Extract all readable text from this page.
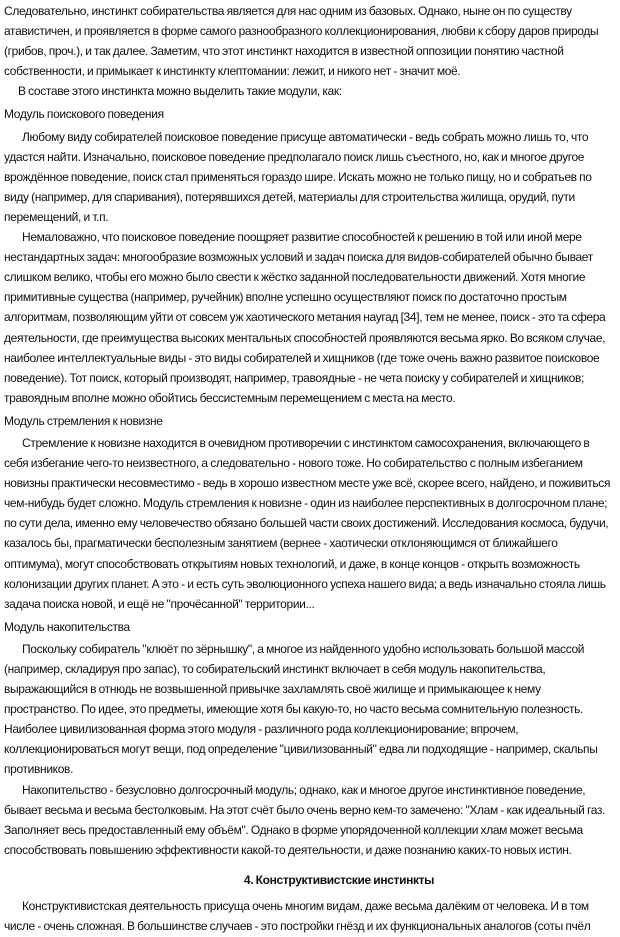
Следовательно, инстинкт собирательства является для нас одним из базовых. Однако, ныне он по существу атавистичен, и проявляется в форме самого разнообразного коллекционирования, любви к сбору даров природы (грибов, проч.), и так далее. Заметим, что этот инстинкт находится в известной оппозиции понятию частной собственности, и примыкает к инстинкту клептомании: лежит, и никого нет - значит моё.

В составе этого инстинкта можно выделить такие модули, как:

Модуль поискового поведения

Любому виду собирателей поисковое поведение присуще автоматически - ведь собрать можно лишь то, что удастся найти. Изначально, поисковое поведение предполагало поиск лишь съестного, но, как и многое другое врождённое поведение, поиск стал применяться гораздо шире. Искать можно не только пищу, но и собратьев по виду (например, для спаривания), потерявшихся детей, материалы для строительства жилища, орудий, пути перемещений, и т.п.

Немаловажно, что поисковое поведение поощряет развитие способностей к решению в той или иной мере нестандартных задач: многообразие возможных условий и задач поиска для видов-собирателей обычно бывает слишком велико, чтобы его можно было свести к жёстко заданной последовательности движений. Хотя многие примитивные существа (например, ручейник) вполне успешно осуществляют поиск по достаточно простым алгоритмам, позволяющим уйти от совсем уж хаотического метания наугад [34], тем не менее, поиск - это та сфера деятельности, где преимущества высоких ментальных способностей проявляются весьма ярко. Во всяком случае, наиболее интеллектуальные виды - это виды собирателей и хищников (где тоже очень важно развитое поисковое поведение). Тот поиск, который производят, например, травоядные - не чета поиску у собирателей и хищников; травоядным вполне можно обойтись бессистемным перемещением с места на место.

Модуль стремления к новизне

Стремление к новизне находится в очевидном противоречии с инстинктом самосохранения, включающего в себя избегание чего-то неизвестного, а следовательно - нового тоже. Но собирательство с полным избеганием новизны практически несовместимо - ведь в хорошо известном месте уже всё, скорее всего, найдено, и поживиться чем-нибудь будет сложно. Модуль стремления к новизне - один из наиболее перспективных в долгосрочном плане; по сути дела, именно ему человечество обязано большей части своих достижений. Исследования космоса, будучи, казалось бы, прагматически бесполезным занятием (вернее - хаотически отклоняющимся от ближайшего оптимума), могут способствовать открытиям новых технологий, и даже, в конце концов - открыть возможность колонизации других планет. А это - и есть суть эволюционного успеха нашего вида; а ведь изначально стояла лишь задача поиска новой, и ещё не "прочёсанной" территории...

Модуль накопительства

Поскольку собиратель "клюёт по зёрнышку", а многое из найденного удобно использовать большой массой (например, складируя про запас), то собирательский инстинкт включает в себя модуль накопительства, выражающийся в отнюдь не возвышенной привычке захламлять своё жилище и примыкающее к нему пространство. По идее, это предметы, имеющие хотя бы какую-то, но часто весьма сомнительную полезность. Наиболее цивилизованная форма этого модуля - различного рода коллекционирование; впрочем, коллекционироваться могут вещи, под определение "цивилизованный" едва ли подходящие - например, скальпы противников.

Накопительство - безусловно долгосрочный модуль; однако, как и многое другое инстинктивное поведение, бывает весьма и весьма бестолковым. На этот счёт было очень верно кем-то замечено: "Хлам - как идеальный газ. Заполняет весь предоставленный ему объём". Однако в форме упорядоченной коллекции хлам может весьма способствовать повышению эффективности какой-то деятельности, и даже познанию каких-то новых истин.

4. Конструктивистские инстинкты

Конструктивистская деятельность присуща очень многим видам, даже весьма далёким от человека. И в том числе - очень сложная. В большинстве случаев - это постройки гнёзд и их функциональных аналогов (соты пчёл
